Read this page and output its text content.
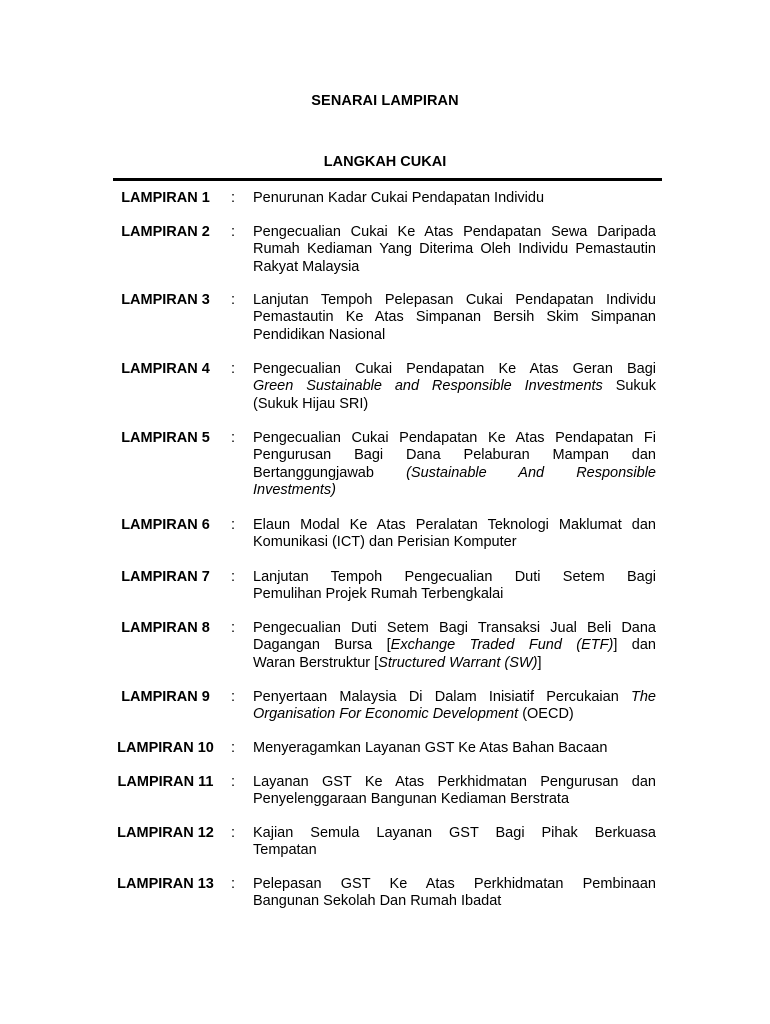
SENARAI LAMPIRAN
LANGKAH CUKAI
LAMPIRAN 1	: Penurunan Kadar Cukai Pendapatan Individu
LAMPIRAN 2	: Pengecualian Cukai Ke Atas Pendapatan Sewa Daripada
Rumah Kediaman Yang Diterima Oleh Individu Pemastautin
Rakyat Malaysia
LAMPIRAN 3	: Lanjutan Tempoh Pelepasan Cukai Pendapatan Individu
Pemastautin Ke Atas Simpanan Bersih Skim Simpanan
Pendidikan Nasional
LAMPIRAN 4	: Pengecualian Cukai Pendapatan Ke Atas Geran Bagi
Green Sustainable and Responsible Investments Sukuk
(Sukuk Hijau SRI)
LAMPIRAN 5	: Pengecualian Cukai Pendapatan Ke Atas Pendapatan Fi
Pengurusan Bagi Dana Pelaburan Mampan dan
Bertanggungjawab (Sustainable And Responsible
Investments)
LAMPIRAN 6	: Elaun Modal Ke Atas Peralatan Teknologi Maklumat dan
Komunikasi (ICT) dan Perisian Komputer
LAMPIRAN 7	: Lanjutan Tempoh Pengecualian Duti Setem Bagi
Pemulihan Projek Rumah Terbengkalai
LAMPIRAN 8	: Pengecualian Duti Setem Bagi Transaksi Jual Beli Dana
Dagangan Bursa [Exchange Traded Fund (ETF)] dan
Waran Berstruktur [Structured Warrant (SW)]
LAMPIRAN 9	: Penyertaan Malaysia Di Dalam Inisiatif Percukaian The
Organisation For Economic Development (OECD)
LAMPIRAN 10 : Menyeragamkan Layanan GST Ke Atas Bahan Bacaan
LAMPIRAN 11	: Layanan GST Ke Atas Perkhidmatan Pengurusan dan
Penyelenggaraan Bangunan Kediaman Berstrata
LAMPIRAN 12 : Kajian Semula Layanan GST Bagi Pihak Berkuasa
Tempatan
LAMPIRAN 13 : Pelepasan GST Ke Atas Perkhidmatan Pembinaan
Bangunan Sekolah Dan Rumah Ibadat
